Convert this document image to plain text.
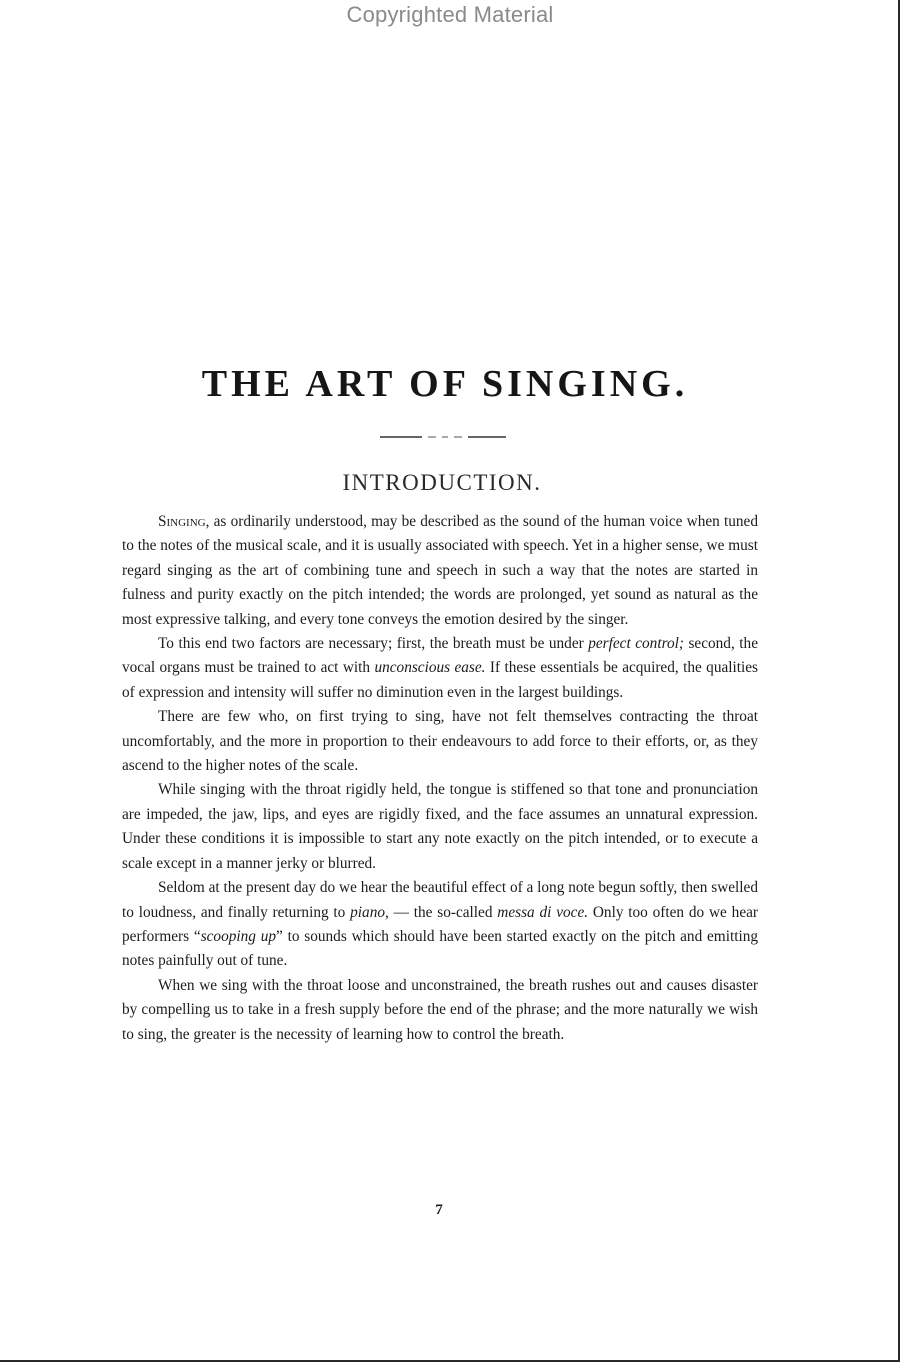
Copyrighted Material
THE ART OF SINGING.
INTRODUCTION.

Singing, as ordinarily understood, may be described as the sound of the human voice when tuned to the notes of the musical scale, and it is usually associated with speech. Yet in a higher sense, we must regard singing as the art of combining tune and speech in such a way that the notes are started in fulness and purity exactly on the pitch intended; the words are prolonged, yet sound as natural as the most expressive talking, and every tone conveys the emotion desired by the singer.

To this end two factors are necessary; first, the breath must be under perfect control; second, the vocal organs must be trained to act with unconscious ease. If these essentials be acquired, the qualities of expression and intensity will suffer no diminution even in the largest buildings.

There are few who, on first trying to sing, have not felt themselves contracting the throat uncomfortably, and the more in proportion to their endeavours to add force to their efforts, or, as they ascend to the higher notes of the scale.

While singing with the throat rigidly held, the tongue is stiffened so that tone and pronunciation are impeded, the jaw, lips, and eyes are rigidly fixed, and the face assumes an unnatural expression. Under these conditions it is impossible to start any note exactly on the pitch intended, or to execute a scale except in a manner jerky or blurred.

Seldom at the present day do we hear the beautiful effect of a long note begun softly, then swelled to loudness, and finally returning to piano, — the so-called messa di voce. Only too often do we hear performers “scooping up” to sounds which should have been started exactly on the pitch and emitting notes painfully out of tune.

When we sing with the throat loose and unconstrained, the breath rushes out and causes disaster by compelling us to take in a fresh supply before the end of the phrase; and the more naturally we wish to sing, the greater is the necessity of learning how to control the breath.

7
